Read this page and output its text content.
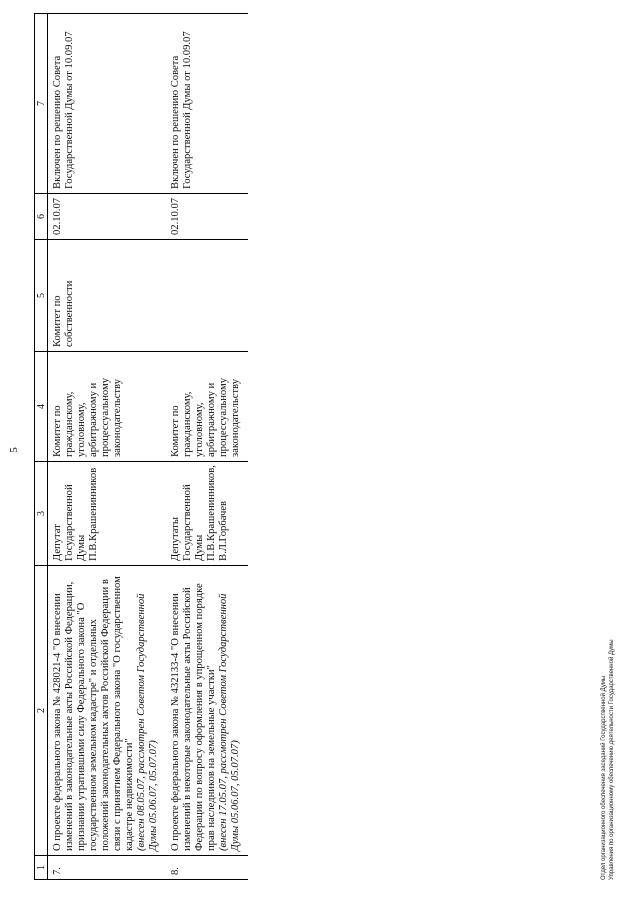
5
1	2	3	4	5	6	7
7.	О проекте федерального закона № 428021-4 "О внесении изменений в законодательные акты Российской Федерации, признании утратившими силу Федерального закона "О государственном земельном кадастре" и отдельных положений законодательных актов Российской Федерации в связи с принятием Федерального закона "О государственном кадастре недвижимости"
(внесен 08.05.07, рассмотрен Советом Государственной Думы 05.06.07, 05.07.07)	Депутат Государственной Думы П.В.Крашенинников	Комитет по гражданскому, уголовному, арбитражному и процессуальному законодательству	Комитет по собственности	02.10.07	Включен по решению Совета Государственной Думы от 10.09.07
8.	О проекте федерального закона № 432133-4 "О внесении изменений в некоторые законодательные акты Российской Федерации по вопросу оформления в упрощенном порядке прав наследников на земельные участки"
(внесен 17.05.07, рассмотрен Советом Государственной Думы 05.06.07, 05.07.07)	Депутаты Государственной Думы П.В.Крашенинников, В.Л.Горбачев	Комитет по гражданскому, уголовному, арбитражному и процессуальному законодательству		02.10.07	Включен по решению Совета Государственной Думы от 10.09.07
Отдел организационного обеспечения заседаний Государственной Думы Управления по организационному обеспечению деятельности Государственной Думы
